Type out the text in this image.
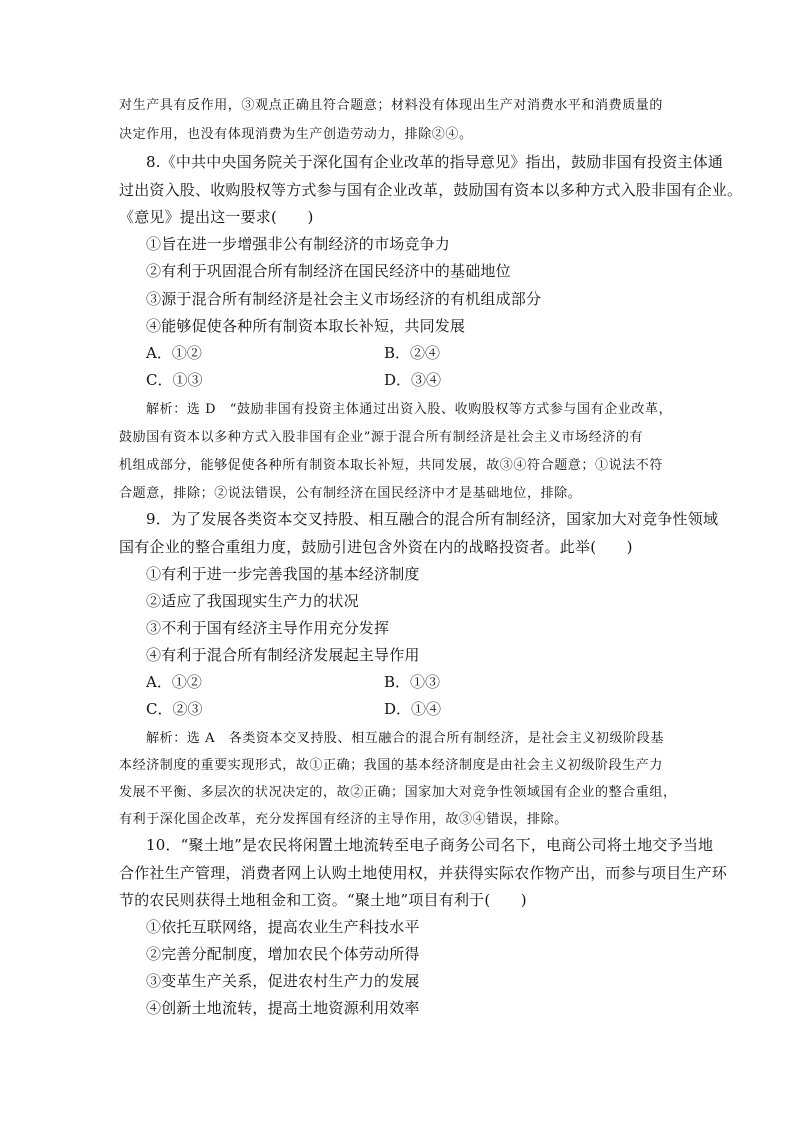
对生产具有反作用，③观点正确且符合题意；材料没有体现出生产对消费水平和消费质量的
决定作用，也没有体现消费为生产创造劳动力，排除②④。
8.《中共中央国务院关于深化国有企业改革的指导意见》指出，鼓励非国有投资主体通
过出资入股、收购股权等方式参与国有企业改革，鼓励国有资本以多种方式入股非国有企业。
《意见》提出这一要求(　　)
①旨在进一步增强非公有制经济的市场竞争力
②有利于巩固混合所有制经济在国民经济中的基础地位
③源于混合所有制经济是社会主义市场经济的有机组成部分
④能够促使各种所有制资本取长补短，共同发展
A．①②	B．②④
C．①③	D．③④
解析：选 D　“鼓励非国有投资主体通过出资入股、收购股权等方式参与国有企业改革，
鼓励国有资本以多种方式入股非国有企业”源于混合所有制经济是社会主义市场经济的有
机组成部分，能够促使各种所有制资本取长补短，共同发展，故③④符合题意；①说法不符
合题意，排除；②说法错误，公有制经济在国民经济中才是基础地位，排除。
9．为了发展各类资本交叉持股、相互融合的混合所有制经济，国家加大对竞争性领域
国有企业的整合重组力度，鼓励引进包含外资在内的战略投资者。此举(　　)
①有利于进一步完善我国的基本经济制度
②适应了我国现实生产力的状况
③不利于国有经济主导作用充分发挥
④有利于混合所有制经济发展起主导作用
A．①②	B．①③
C．②③	D．①④
解析：选 A　各类资本交叉持股、相互融合的混合所有制经济，是社会主义初级阶段基
本经济制度的重要实现形式，故①正确；我国的基本经济制度是由社会主义初级阶段生产力
发展不平衡、多层次的状况决定的，故②正确；国家加大对竞争性领域国有企业的整合重组，
有利于深化国企改革，充分发挥国有经济的主导作用，故③④错误，排除。
10．“聚土地”是农民将闲置土地流转至电子商务公司名下，电商公司将土地交予当地
合作社生产管理，消费者网上认购土地使用权，并获得实际农作物产出，而参与项目生产环
节的农民则获得土地租金和工资。“聚土地”项目有利于(　　)
①依托互联网络，提高农业生产科技水平
②完善分配制度，增加农民个体劳动所得
③变革生产关系，促进农村生产力的发展
④创新土地流转，提高土地资源利用效率
